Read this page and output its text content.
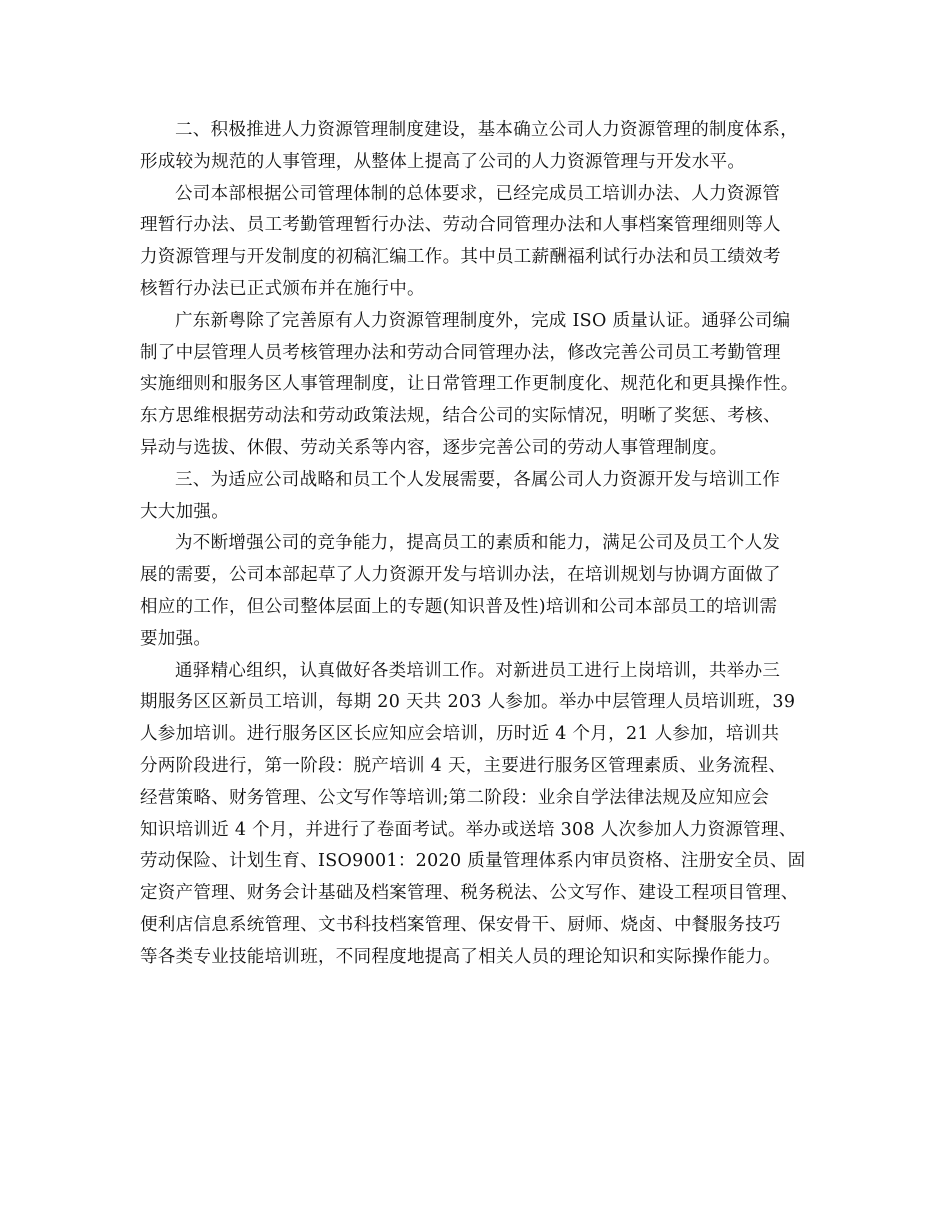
二、积极推进人力资源管理制度建设，基本确立公司人力资源管理的制度体系，
形成较为规范的人事管理，从整体上提高了公司的人力资源管理与开发水平。
公司本部根据公司管理体制的总体要求，已经完成员工培训办法、人力资源管
理暂行办法、员工考勤管理暂行办法、劳动合同管理办法和人事档案管理细则等人
力资源管理与开发制度的初稿汇编工作。其中员工薪酬福利试行办法和员工绩效考
核暂行办法已正式颁布并在施行中。
广东新粤除了完善原有人力资源管理制度外，完成 ISO 质量认证。通驿公司编
制了中层管理人员考核管理办法和劳动合同管理办法，修改完善公司员工考勤管理
实施细则和服务区人事管理制度，让日常管理工作更制度化、规范化和更具操作性。
东方思维根据劳动法和劳动政策法规，结合公司的实际情况，明晰了奖惩、考核、
异动与选拔、休假、劳动关系等内容，逐步完善公司的劳动人事管理制度。
三、为适应公司战略和员工个人发展需要，各属公司人力资源开发与培训工作
大大加强。
为不断增强公司的竞争能力，提高员工的素质和能力，满足公司及员工个人发
展的需要，公司本部起草了人力资源开发与培训办法，在培训规划与协调方面做了
相应的工作，但公司整体层面上的专题(知识普及性)培训和公司本部员工的培训需
要加强。
通驿精心组织，认真做好各类培训工作。对新进员工进行上岗培训，共举办三
期服务区区新员工培训，每期 20 天共 203 人参加。举办中层管理人员培训班，39
人参加培训。进行服务区区长应知应会培训，历时近 4 个月，21 人参加，培训共
分两阶段进行，第一阶段：脱产培训 4 天，主要进行服务区管理素质、业务流程、
经营策略、财务管理、公文写作等培训;第二阶段：业余自学法律法规及应知应会
知识培训近 4 个月，并进行了卷面考试。举办或送培 308 人次参加人力资源管理、
劳动保险、计划生育、ISO9001：2020 质量管理体系内审员资格、注册安全员、固
定资产管理、财务会计基础及档案管理、税务税法、公文写作、建设工程项目管理、
便利店信息系统管理、文书科技档案管理、保安骨干、厨师、烧卤、中餐服务技巧
等各类专业技能培训班，不同程度地提高了相关人员的理论知识和实际操作能力。
